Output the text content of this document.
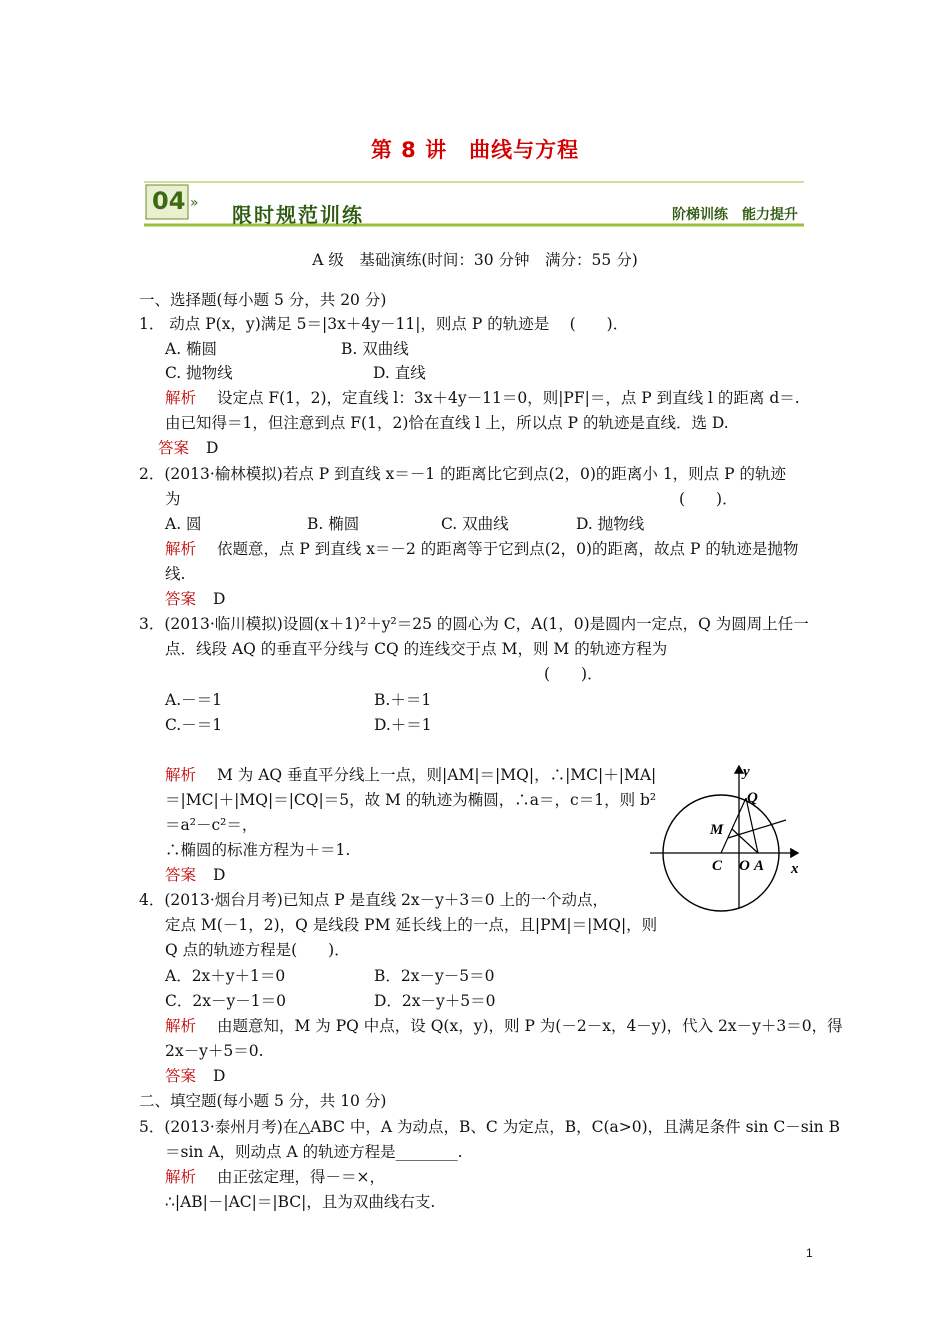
第 8 讲　曲线与方程
04 » 限时规范训练	阶梯训练　能力提升
A 级　基础演练(时间：30 分钟　满分：55 分)
一、选择题(每小题 5 分，共 20 分)
1． 动点 P(x，y)满足 5＝|3x＋4y－11|，则点 P 的轨迹是　 (　　)．
A. 椭圆	B. 双曲线
C. 抛物线	D. 直线
解析 设定点 F(1，2)，定直线 l：3x＋4y－11＝0，则|PF|＝，点 P 到直线 l 的距离 d＝.
由已知得＝1，但注意到点 F(1，2)恰在直线 l 上，所以点 P 的轨迹是直线．选 D.
答案 D
2．(2013·榆林模拟)若点 P 到直线 x＝－1 的距离比它到点(2，0)的距离小 1，则点 P 的轨迹
为	(　　)．
A. 圆	B. 椭圆	C. 双曲线	D. 抛物线
解析 依题意，点 P 到直线 x＝－2 的距离等于它到点(2，0)的距离，故点 P 的轨迹是抛物
线.
答案 D
3．(2013·临川模拟)设圆(x＋1)²＋y²＝25 的圆心为 C，A(1，0)是圆内一定点，Q 为圆周上任一
点．线段 AQ 的垂直平分线与 CQ 的连线交于点 M，则 M 的轨迹方程为
(　　)．
A.－＝1	B.＋＝1
C.－＝1	D.＋＝1
解析 M 为 AQ 垂直平分线上一点，则|AM|＝|MQ|，∴|MC|＋|MA|
＝|MC|＋|MQ|＝|CQ|＝5，故 M 的轨迹为椭圆，∴a＝，c＝1，则 b²
＝a²－c²＝，
∴椭圆的标准方程为＋＝1.
答案 D
4．(2013·烟台月考)已知点 P 是直线 2x－y＋3＝0 上的一个动点，
定点 M(－1，2)，Q 是线段 PM 延长线上的一点，且|PM|＝|MQ|，则
Q 点的轨迹方程是(　　)．
A．2x＋y＋1＝0	B．2x－y－5＝0
C．2x－y－1＝0	D．2x－y＋5＝0
解析 由题意知，M 为 PQ 中点，设 Q(x，y)，则 P 为(－2－x，4－y)，代入 2x－y＋3＝0，得
2x－y＋5＝0.
答案 D
二、填空题(每小题 5 分，共 10 分)
5．(2013·泰州月考)在△ABC 中，A 为动点，B、C 为定点，B，C(a>0)，且满足条件 sin C－sin B
＝sin A，则动点 A 的轨迹方程是________.
解析 由正弦定理，得－＝×，
∴|AB|－|AC|＝|BC|，且为双曲线右支.
y
x
Q
M
C O A
1
